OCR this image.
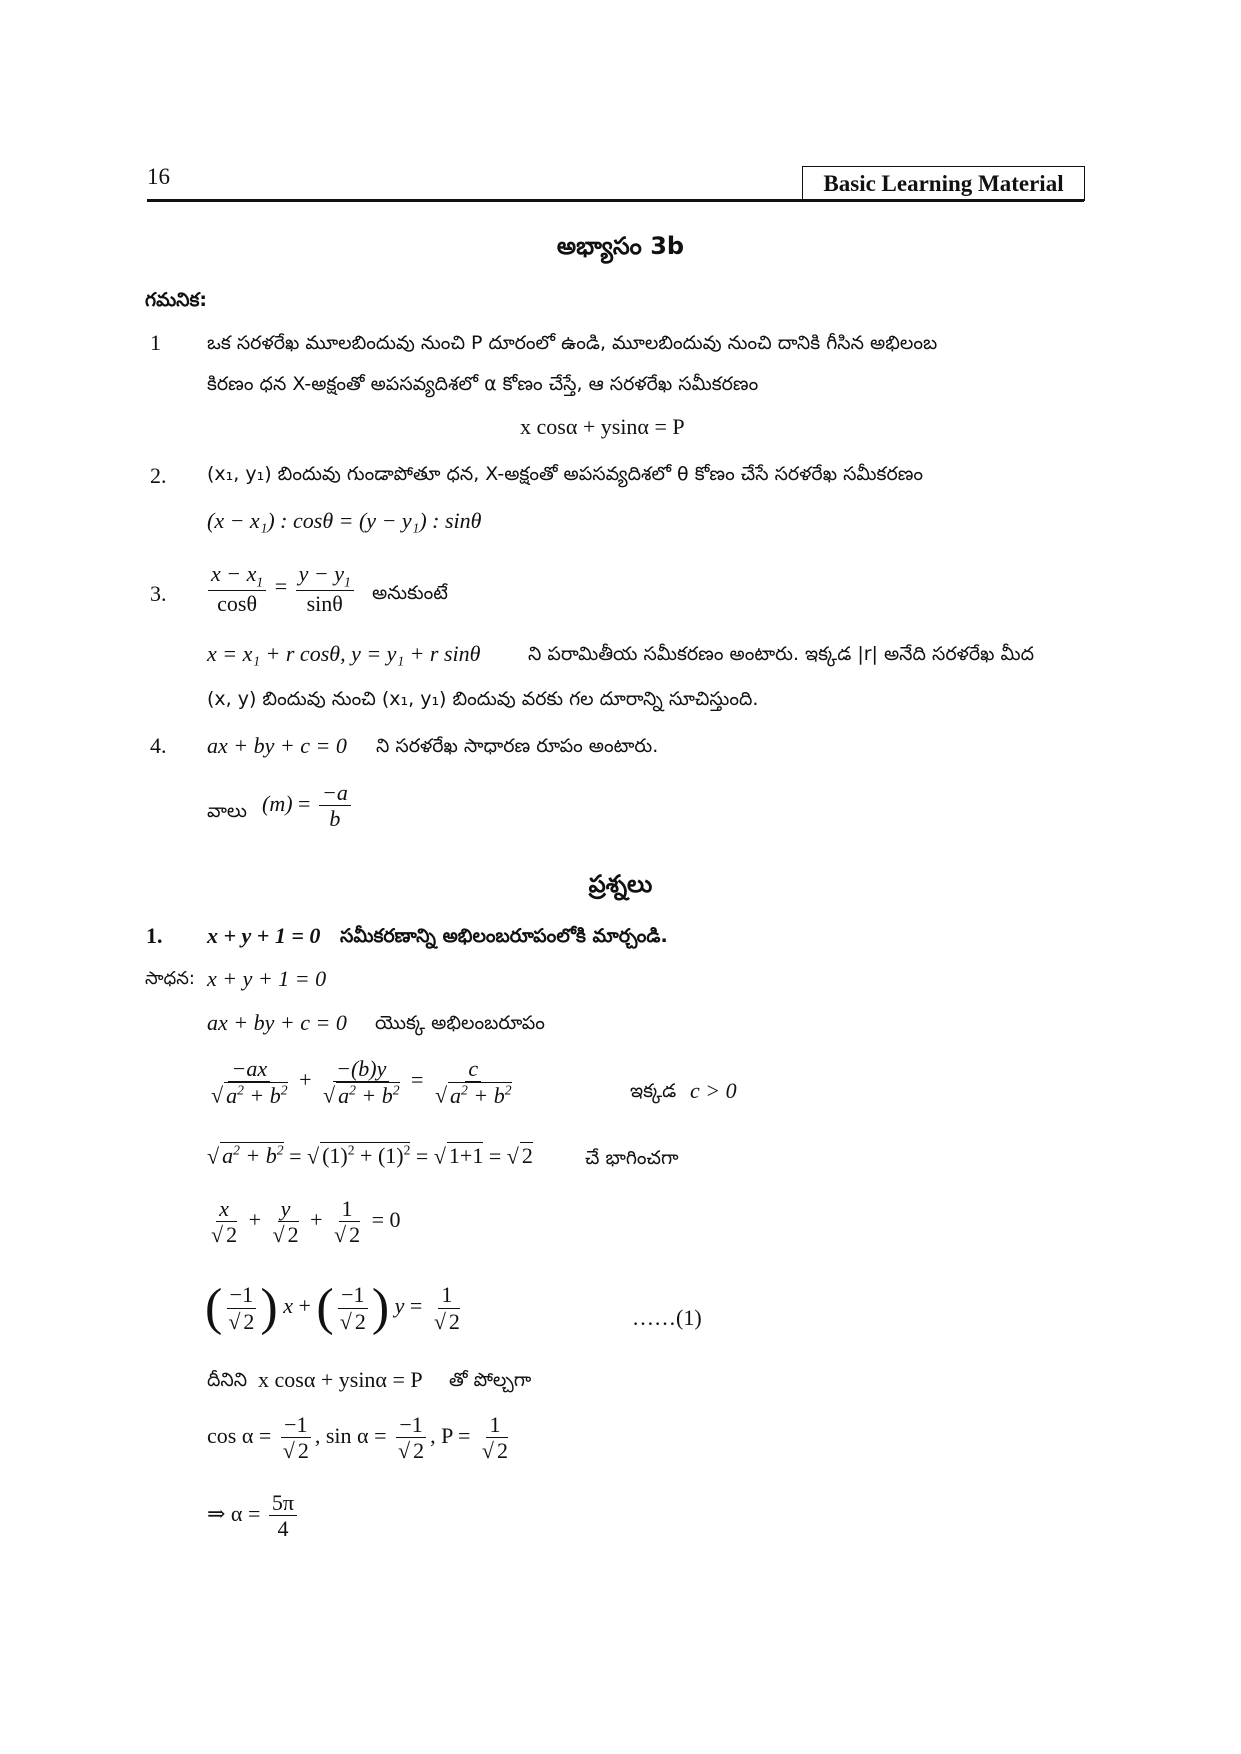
16	Basic Learning Material
అభ్యాసం 3b
గమనిక:
1 ఒక సరళరేఖ మూలబిందువు నుంచి P దూరంలో ఉండి, మూలబిందువు నుంచి దానికి గీసిన అభిలంబ
కిరణం ధన X-అక్షంతో అపసవ్యదిశలో α కోణం చేస్తే, ఆ సరళరేఖ సమీకరణం
x cosα + ysinα = P
2. (x₁, y₁) బిందువు గుండాపోతూ ధన, X-అక్షంతో అపసవ్యదిశలో θ కోణం చేసే సరళరేఖ సమీకరణం
(x − x₁) : cosθ = (y − y₁) : sinθ
3. $\frac{x - x_1}{\cos\theta} = \frac{y - y_1}{\sin\theta}$ అనుకుంటే
x = x₁ + r cosθ, y = y₁ + r sinθ	ని పరామితీయ సమీకరణం అంటారు. ఇక్కడ |r| అనేది సరళరేఖ మీద
(x, y) బిందువు నుంచి (x₁, y₁) బిందువు వరకు గల దూరాన్ని సూచిస్తుంది.
4. ax + by + c = 0 ని సరళరేఖ సాధారణ రూపం అంటారు.
వాలు $(m) = \frac{-a}{b}$
ప్రశ్నలు
1. x + y + 1 = 0 సమీకరణాన్ని అభిలంబరూపంలోకి మార్చండి.
సాధన: x + y + 1 = 0
ax + by + c = 0 యొక్క అభిలంబరూపం
$\frac{-ax}{√ a^2 + b^2} + \frac{-(b)y}{√ a^2 + b^2} = \frac{c}{√ a^2 + b^2}$	ఇక్కడ c > 0
√ $a^2 + b^2$ = √ $(1)^2 + (1)^2$ = √ 1+1 = √ 2	చే భాగించగా
$\frac{x}{√ 2} + \frac{y}{√ 2} + \frac{1}{√ 2} = 0$
( $\frac{-1}{√ 2}$ ) x + ( $\frac{-1}{√ 2}$ ) $y = \frac{1}{√ 2}$	……(1)
దీనిని x cosα + ysinα = P తో పోల్చగా
$\cos \alpha = \frac{-1}{√ 2}$ , $\sin \alpha = \frac{-1}{√ 2}$ , $P = \frac{1}{√ 2}$
⇒ $\alpha = \frac{5\pi}{4}$
